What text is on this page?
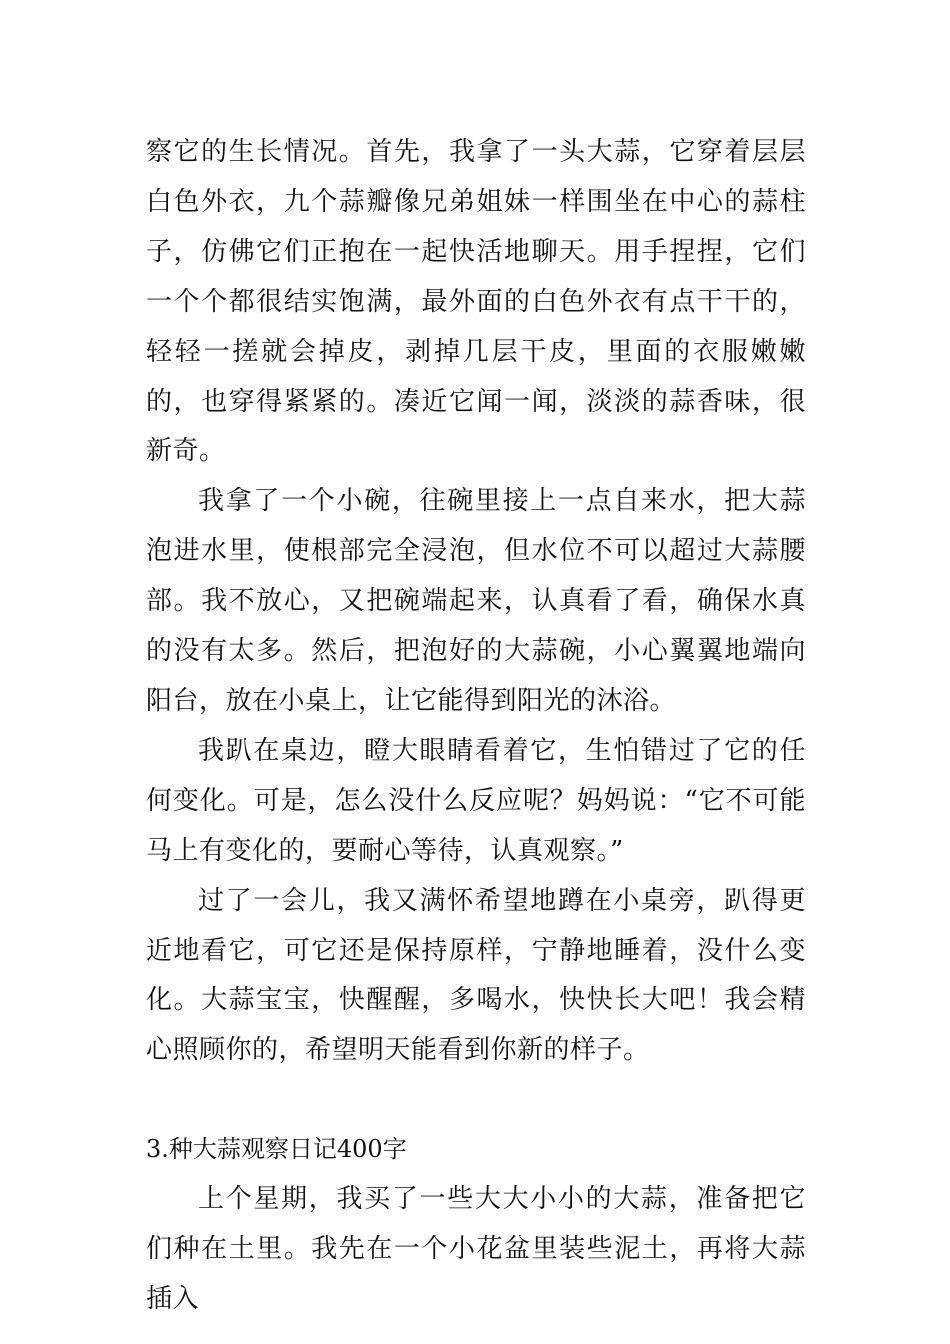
察它的生长情况。首先，我拿了一头大蒜，它穿着层层白色外衣，九个蒜瓣像兄弟姐妹一样围坐在中心的蒜柱子，仿佛它们正抱在一起快活地聊天。用手捏捏，它们一个个都很结实饱满，最外面的白色外衣有点干干的，轻轻一搓就会掉皮，剥掉几层干皮，里面的衣服嫩嫩的，也穿得紧紧的。凑近它闻一闻，淡淡的蒜香味，很新奇。

我拿了一个小碗，往碗里接上一点自来水，把大蒜泡进水里，使根部完全浸泡，但水位不可以超过大蒜腰部。我不放心，又把碗端起来，认真看了看，确保水真的没有太多。然后，把泡好的大蒜碗，小心翼翼地端向阳台，放在小桌上，让它能得到阳光的沐浴。

我趴在桌边，瞪大眼睛看着它，生怕错过了它的任何变化。可是，怎么没什么反应呢？妈妈说：“它不可能马上有变化的，要耐心等待，认真观察。”

过了一会儿，我又满怀希望地蹲在小桌旁，趴得更近地看它，可它还是保持原样，宁静地睡着，没什么变化。大蒜宝宝，快醒醒，多喝水，快快长大吧！我会精心照顾你的，希望明天能看到你新的样子。

3.种大蒜观察日记400字

上个星期，我买了一些大大小小的大蒜，准备把它们种在土里。我先在一个小花盆里装些泥土，再将大蒜插入
